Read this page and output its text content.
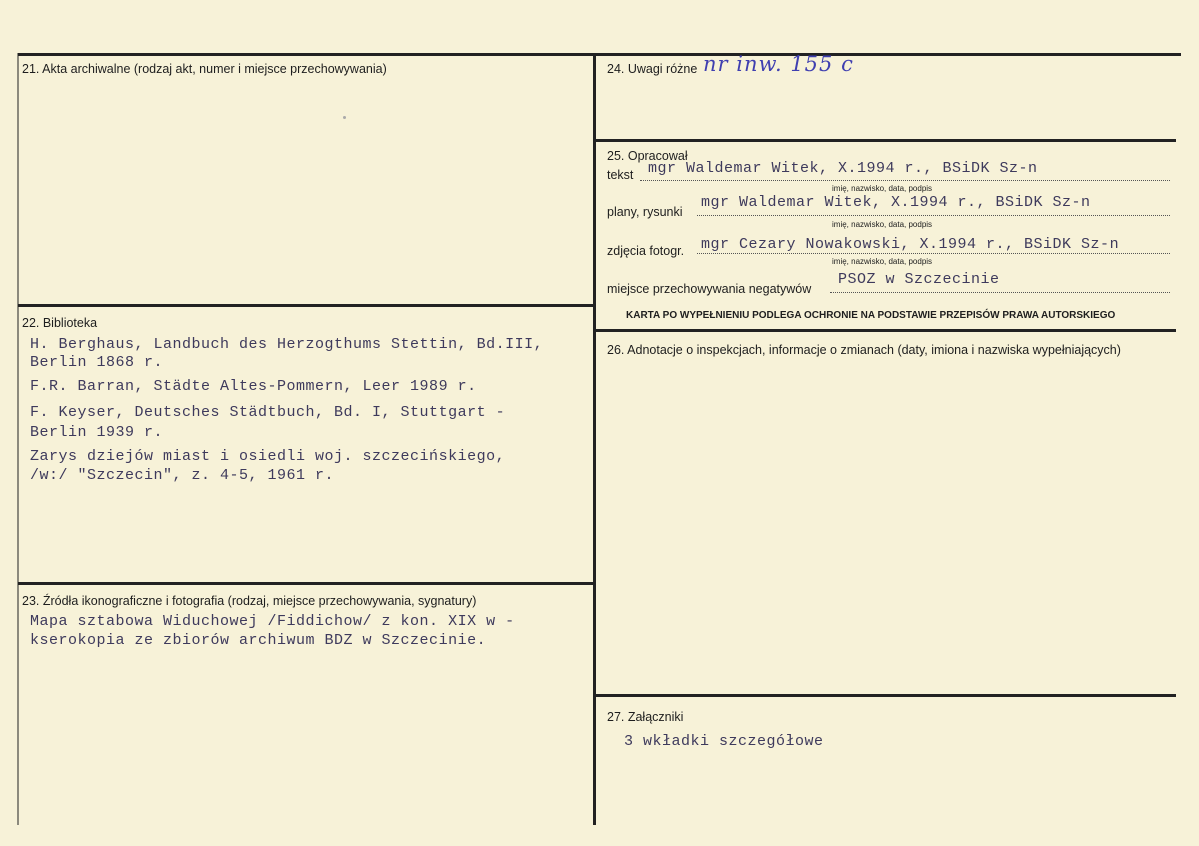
21. Akta archiwalne (rodzaj akt, numer i miejsce przechowywania)
22. Biblioteka
H. Berghaus, Landbuch des Herzogthums Stettin, Bd.III,
Berlin 1868 r.
F.R. Barran, Städte Altes-Pommern, Leer 1989 r.
F. Keyser, Deutsches Städtbuch, Bd. I, Stuttgart -
Berlin 1939 r.
Zarys dziejów miast i osiedli woj. szczecińskiego,
/w:/ "Szczecin", z. 4-5, 1961 r.
23. Źródła ikonograficzne i fotografia (rodzaj, miejsce przechowywania, sygnatury)
Mapa sztabowa Widuchowej /Fiddichow/ z kon. XIX w -
kserokopia ze zbiorów archiwum BDZ w Szczecinie.
24. Uwagi różne nr inw. 155 c
25. Opracował
tekst mgr Waldemar Witek, X.1994 r., BSiDK Sz-n
imię, nazwisko, data, podpis
plany, rysunki
mgr Waldemar Witek, X.1994 r., BSiDK Sz-n
imię, nazwisko, data, podpis
zdjęcia fotogr. mgr Cezary Nowakowski, X.1994 r., BSiDK Sz-n
imię, nazwisko, data, podpis
miejsce przechowywania negatywów
PSOZ w Szczecinie
KARTA PO WYPEŁNIENIU PODLEGA OCHRONIE NA PODSTAWIE PRZEPISÓW PRAWA AUTORSKIEGO
26. Adnotacje o inspekcjach, informacje o zmianach (daty, imiona i nazwiska wypełniających)
27. Załączniki
3 wkładki szczegółowe
